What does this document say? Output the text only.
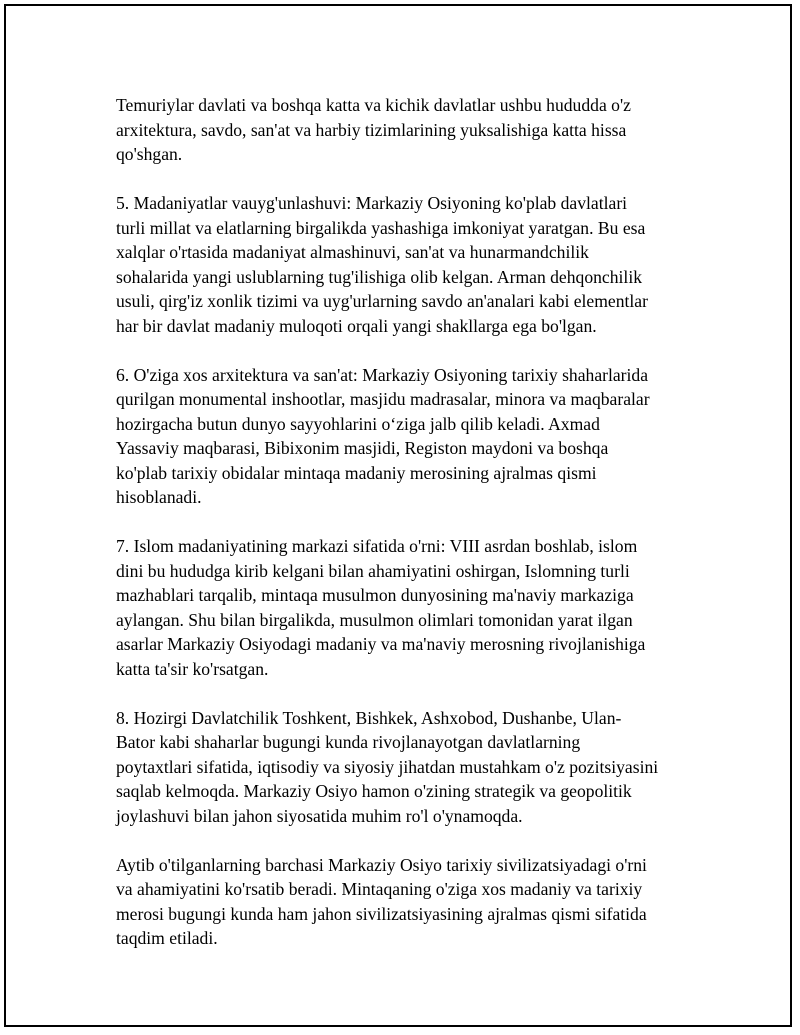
Temuriylar davlati va boshqa katta va kichik davlatlar ushbu hududda o'z
arxitektura, savdo, san'at va harbiy tizimlarining yuksalishiga katta hissa
qo'shgan.

5. Madaniyatlar vauyg'unlashuvi: Markaziy Osiyoning ko'plab davlatlari
turli millat va elatlarning birgalikda yashashiga imkoniyat yaratgan. Bu esa
xalqlar o'rtasida madaniyat almashinuvi, san'at va hunarmandchilik
sohalarida yangi uslublarning tug'ilishiga olib kelgan. Arman dehqonchilik
usuli, qirg'iz xonlik tizimi va uyg'urlarning savdo an'analari kabi elementlar
har bir davlat madaniy muloqoti orqali yangi shakllarga ega bo'lgan.

6. O'ziga xos arxitektura va san'at: Markaziy Osiyoning tarixiy shaharlarida
qurilgan monumental inshootlar, masjidu madrasalar, minora va maqbaralar
hozirgacha butun dunyo sayyohlarini o‘ziga jalb qilib keladi. Axmad
Yassaviy maqbarasi, Bibixonim masjidi, Registon maydoni va boshqa
ko'plab tarixiy obidalar mintaqa madaniy merosining ajralmas qismi
hisoblanadi.

7. Islom madaniyatining markazi sifatida o'rni: VIII asrdan boshlab, islom
dini bu hududga kirib kelgani bilan ahamiyatini oshirgan, Islomning turli
mazhablari tarqalib, mintaqa musulmon dunyosining ma'naviy markaziga
aylangan. Shu bilan birgalikda, musulmon olimlari tomonidan yarat ilgan
asarlar Markaziy Osiyodagi madaniy va ma'naviy merosning rivojlanishiga
katta ta'sir ko'rsatgan.

8. Hozirgi Davlatchilik Toshkent, Bishkek, Ashxobod, Dushanbe, Ulan-
Bator kabi shaharlar bugungi kunda rivojlanayotgan davlatlarning
poytaxtlari sifatida, iqtisodiy va siyosiy jihatdan mustahkam o'z pozitsiyasini
saqlab kelmoqda. Markaziy Osiyo hamon o'zining strategik va geopolitik
joylashuvi bilan jahon siyosatida muhim ro'l o'ynamoqda.

Aytib o'tilganlarning barchasi Markaziy Osiyo tarixiy sivilizatsiyadagi o'rni
va ahamiyatini ko'rsatib beradi. Mintaqaning o'ziga xos madaniy va tarixiy
merosi bugungi kunda ham jahon sivilizatsiyasining ajralmas qismi sifatida
taqdim etiladi.
